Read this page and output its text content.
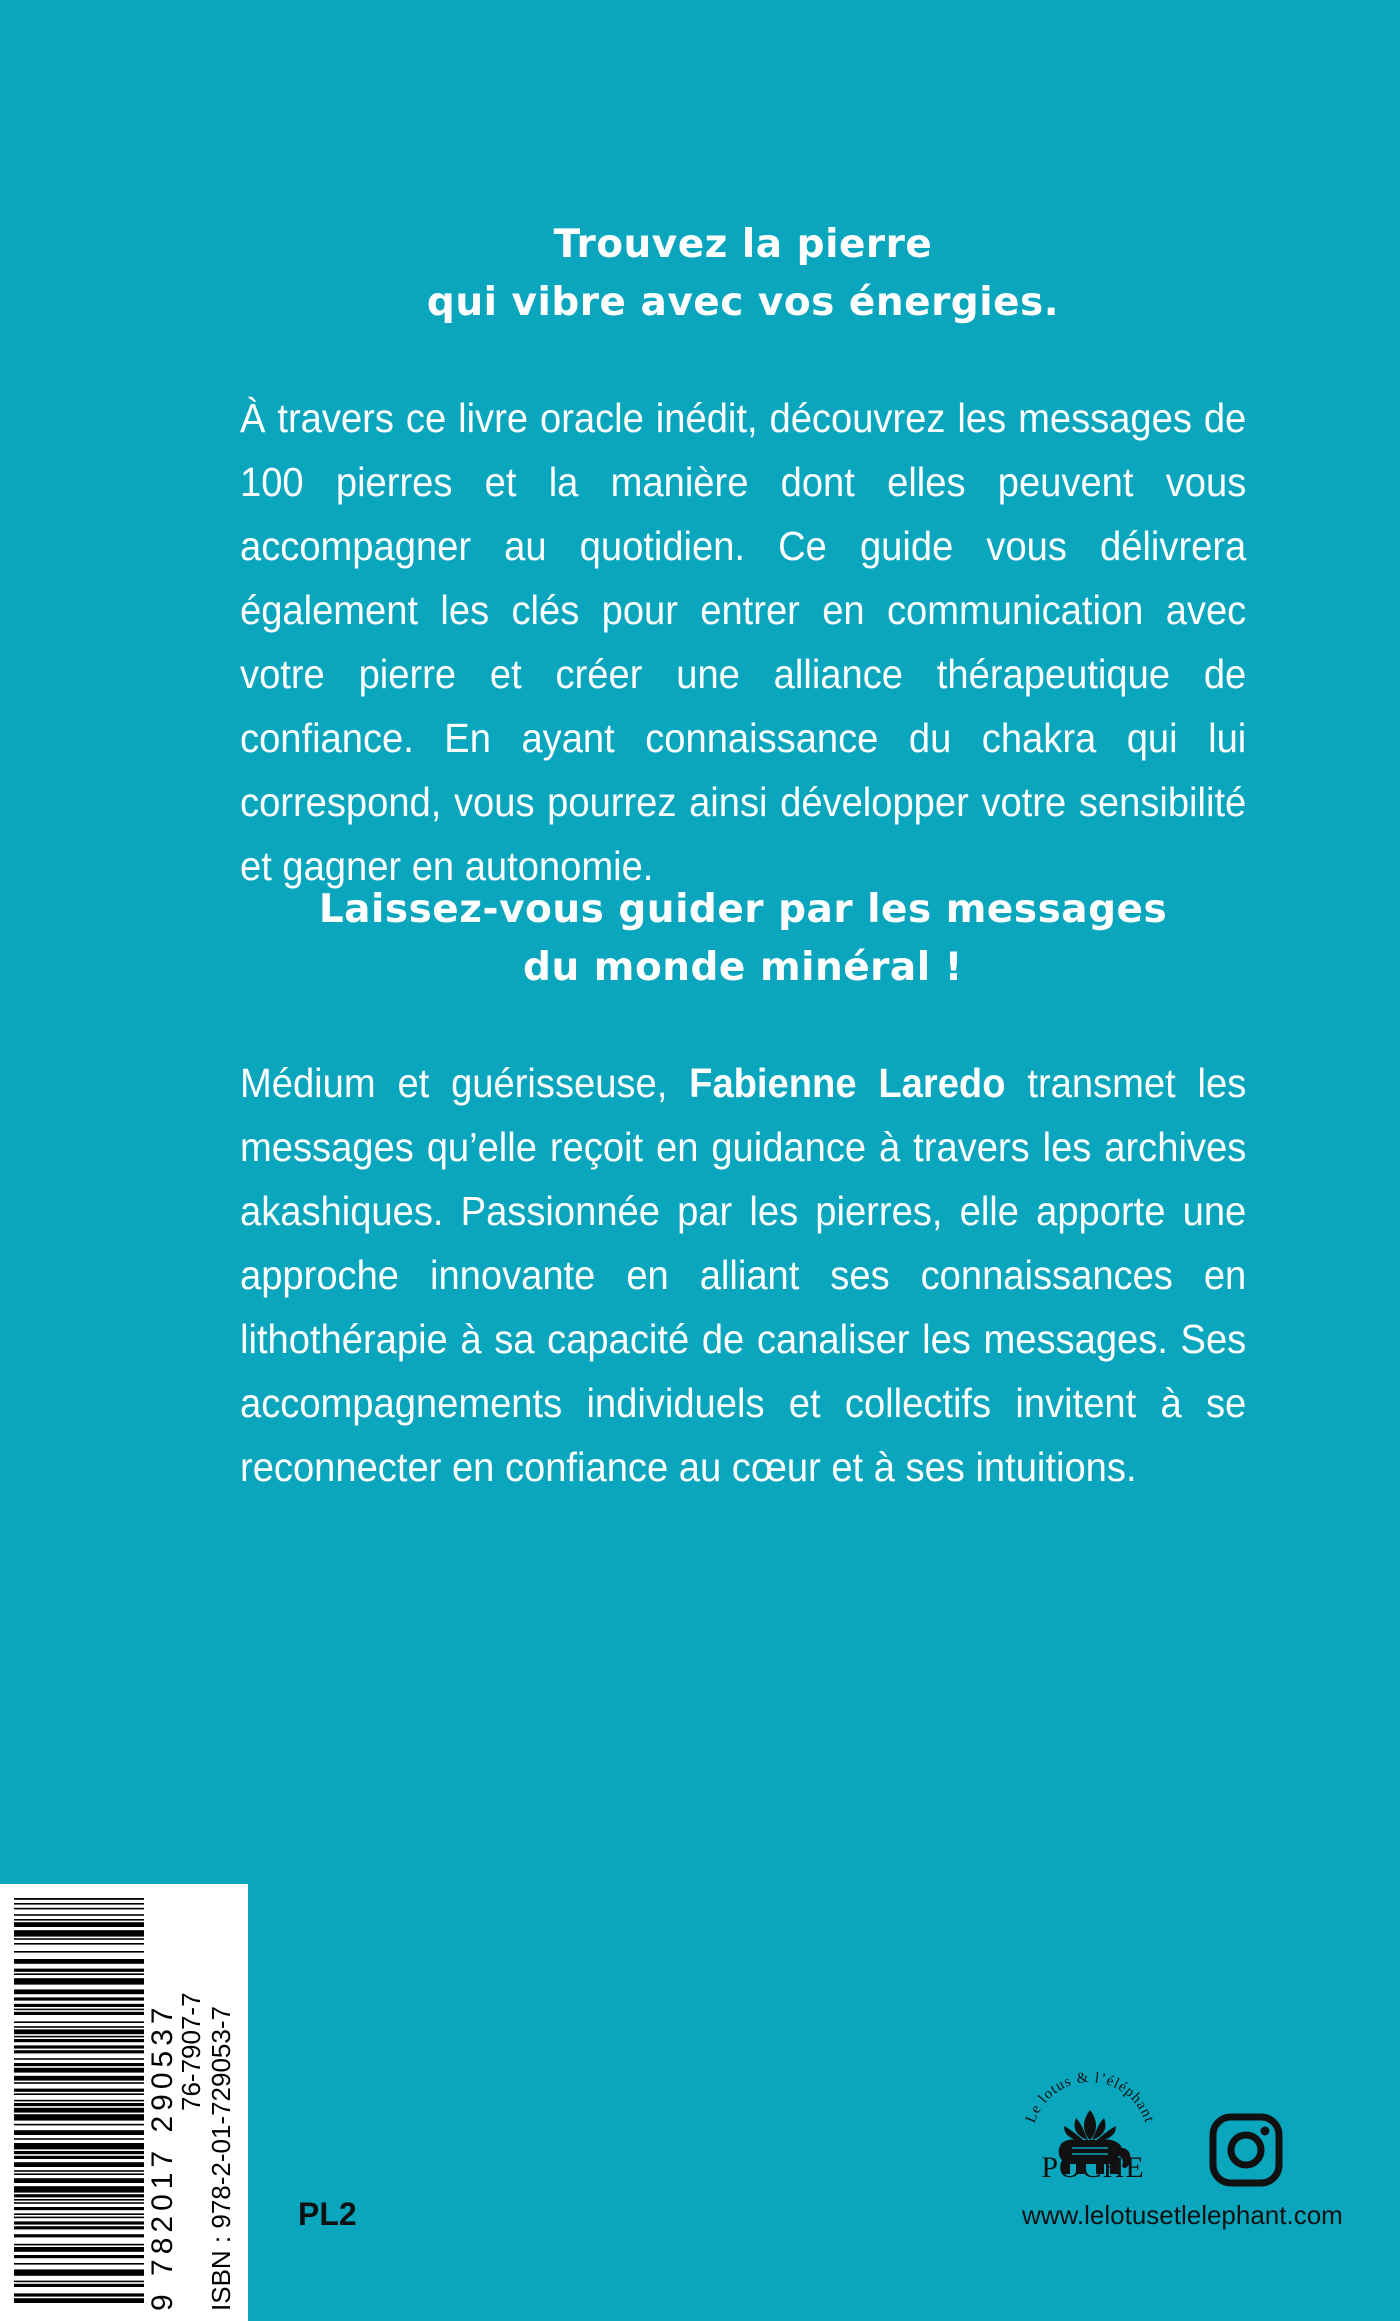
Trouvez la pierre
qui vibre avec vos énergies.
À travers ce livre oracle inédit, découvrez les messages de 100 pierres et la manière dont elles peuvent vous accompagner au quotidien. Ce guide vous délivrera également les clés pour entrer en communication avec votre pierre et créer une alliance thérapeutique de confiance. En ayant connaissance du chakra qui lui correspond, vous pourrez ainsi développer votre sensibilité et gagner en autonomie.
Laissez-vous guider par les messages
du monde minéral !
Médium et guérisseuse, Fabienne Laredo transmet les messages qu’elle reçoit en guidance à travers les archives akashiques. Passionnée par les pierres, elle apporte une approche innovante en alliant ses connaissances en lithothérapie à sa capacité de canaliser les messages. Ses accompagnements individuels et collectifs invitent à se reconnecter en confiance au cœur et à ses intuitions.
9 782017 290537
76-7907-7 ISBN : 978-2-01-729053-7 PL2
Le lotus & l’éléphant
POCHE
www.lelotusetlelephant.com
